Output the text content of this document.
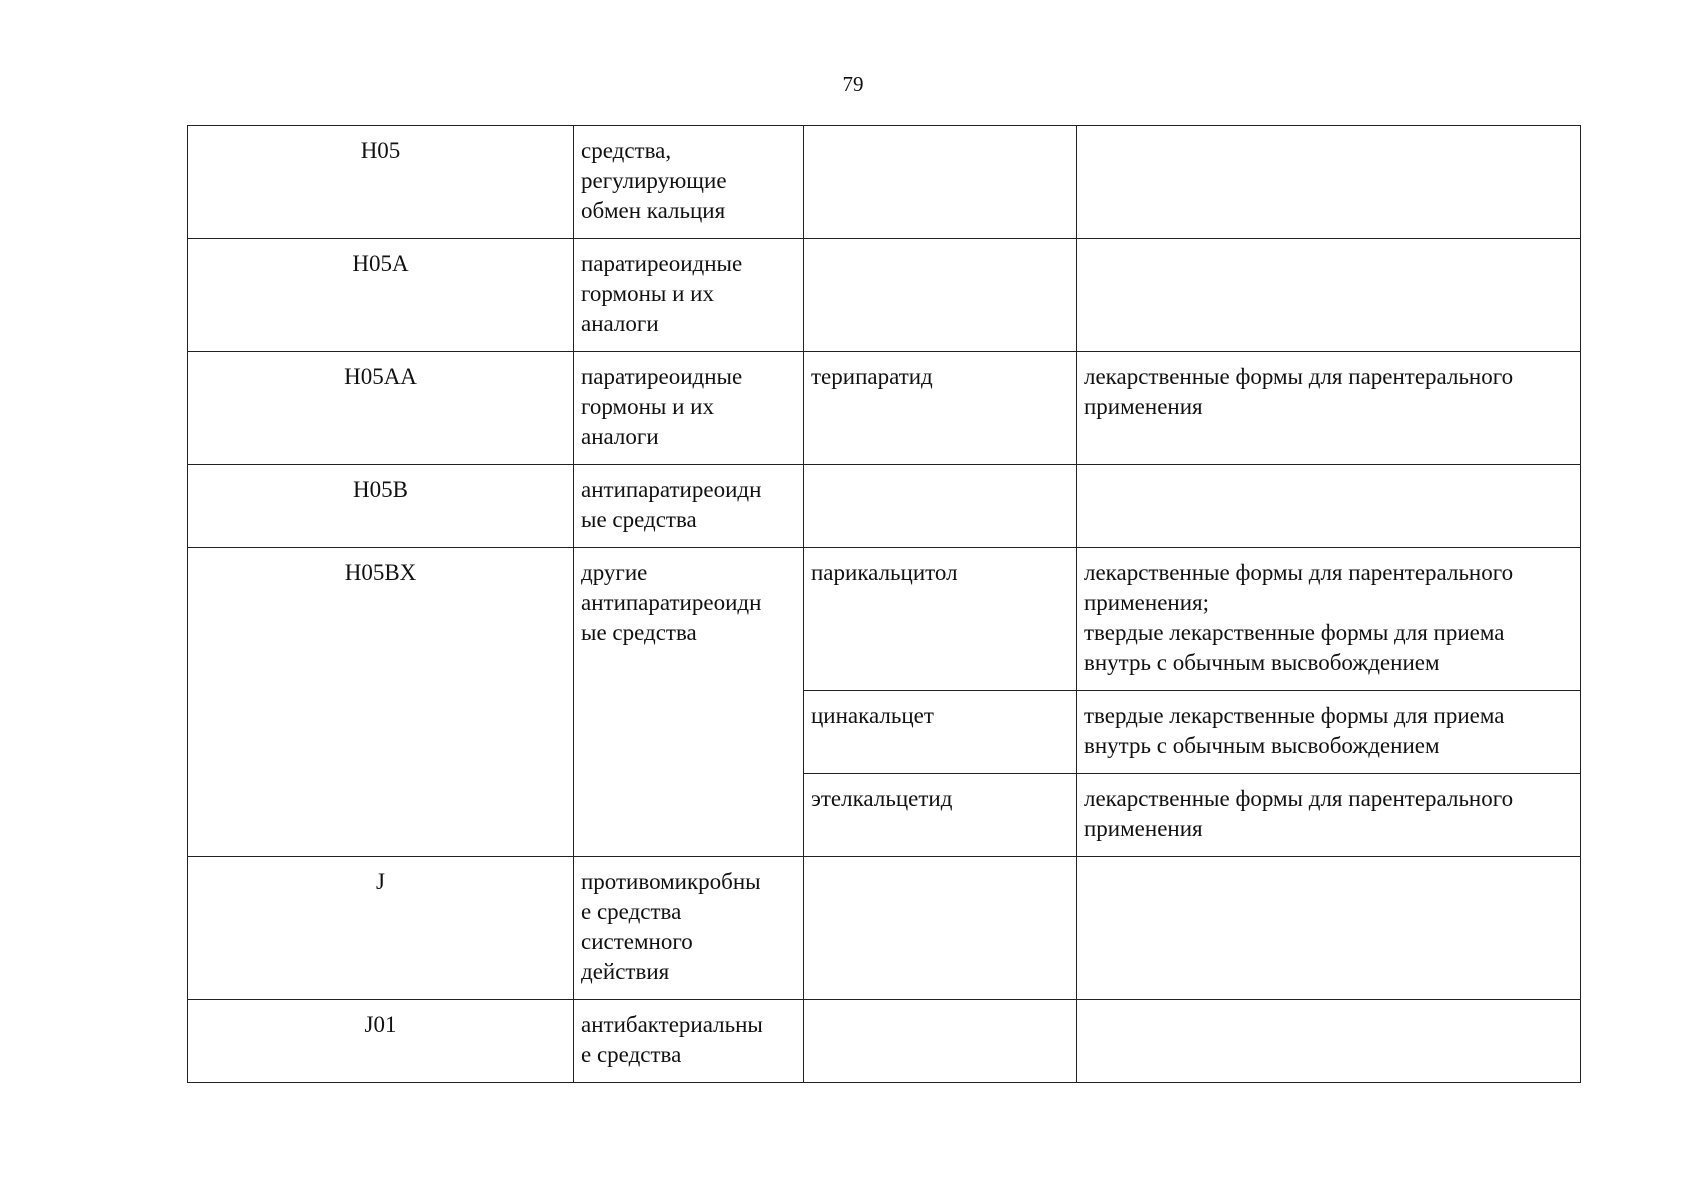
79
H05	средства,
регулирующие
обмен кальция		

H05A	паратиреоидные
гормоны и их
аналоги		

H05AA	паратиреоидные
гормоны и их
аналоги	терипаратид	лекарственные формы для парентерального
применения

H05B	антипаратиреоидн
ые средства		

H05BX	другие
антипаратиреоидн
ые средства	парикальцитол	лекарственные формы для парентерального
применения;
твердые лекарственные формы для приема
внутрь с обычным высвобождением

		цинакальцет	твердые лекарственные формы для приема
внутрь с обычным высвобождением

		этелкальцетид	лекарственные формы для парентерального
применения

J	противомикробны
е средства
системного
действия		

J01	антибактериальны
е средства		
